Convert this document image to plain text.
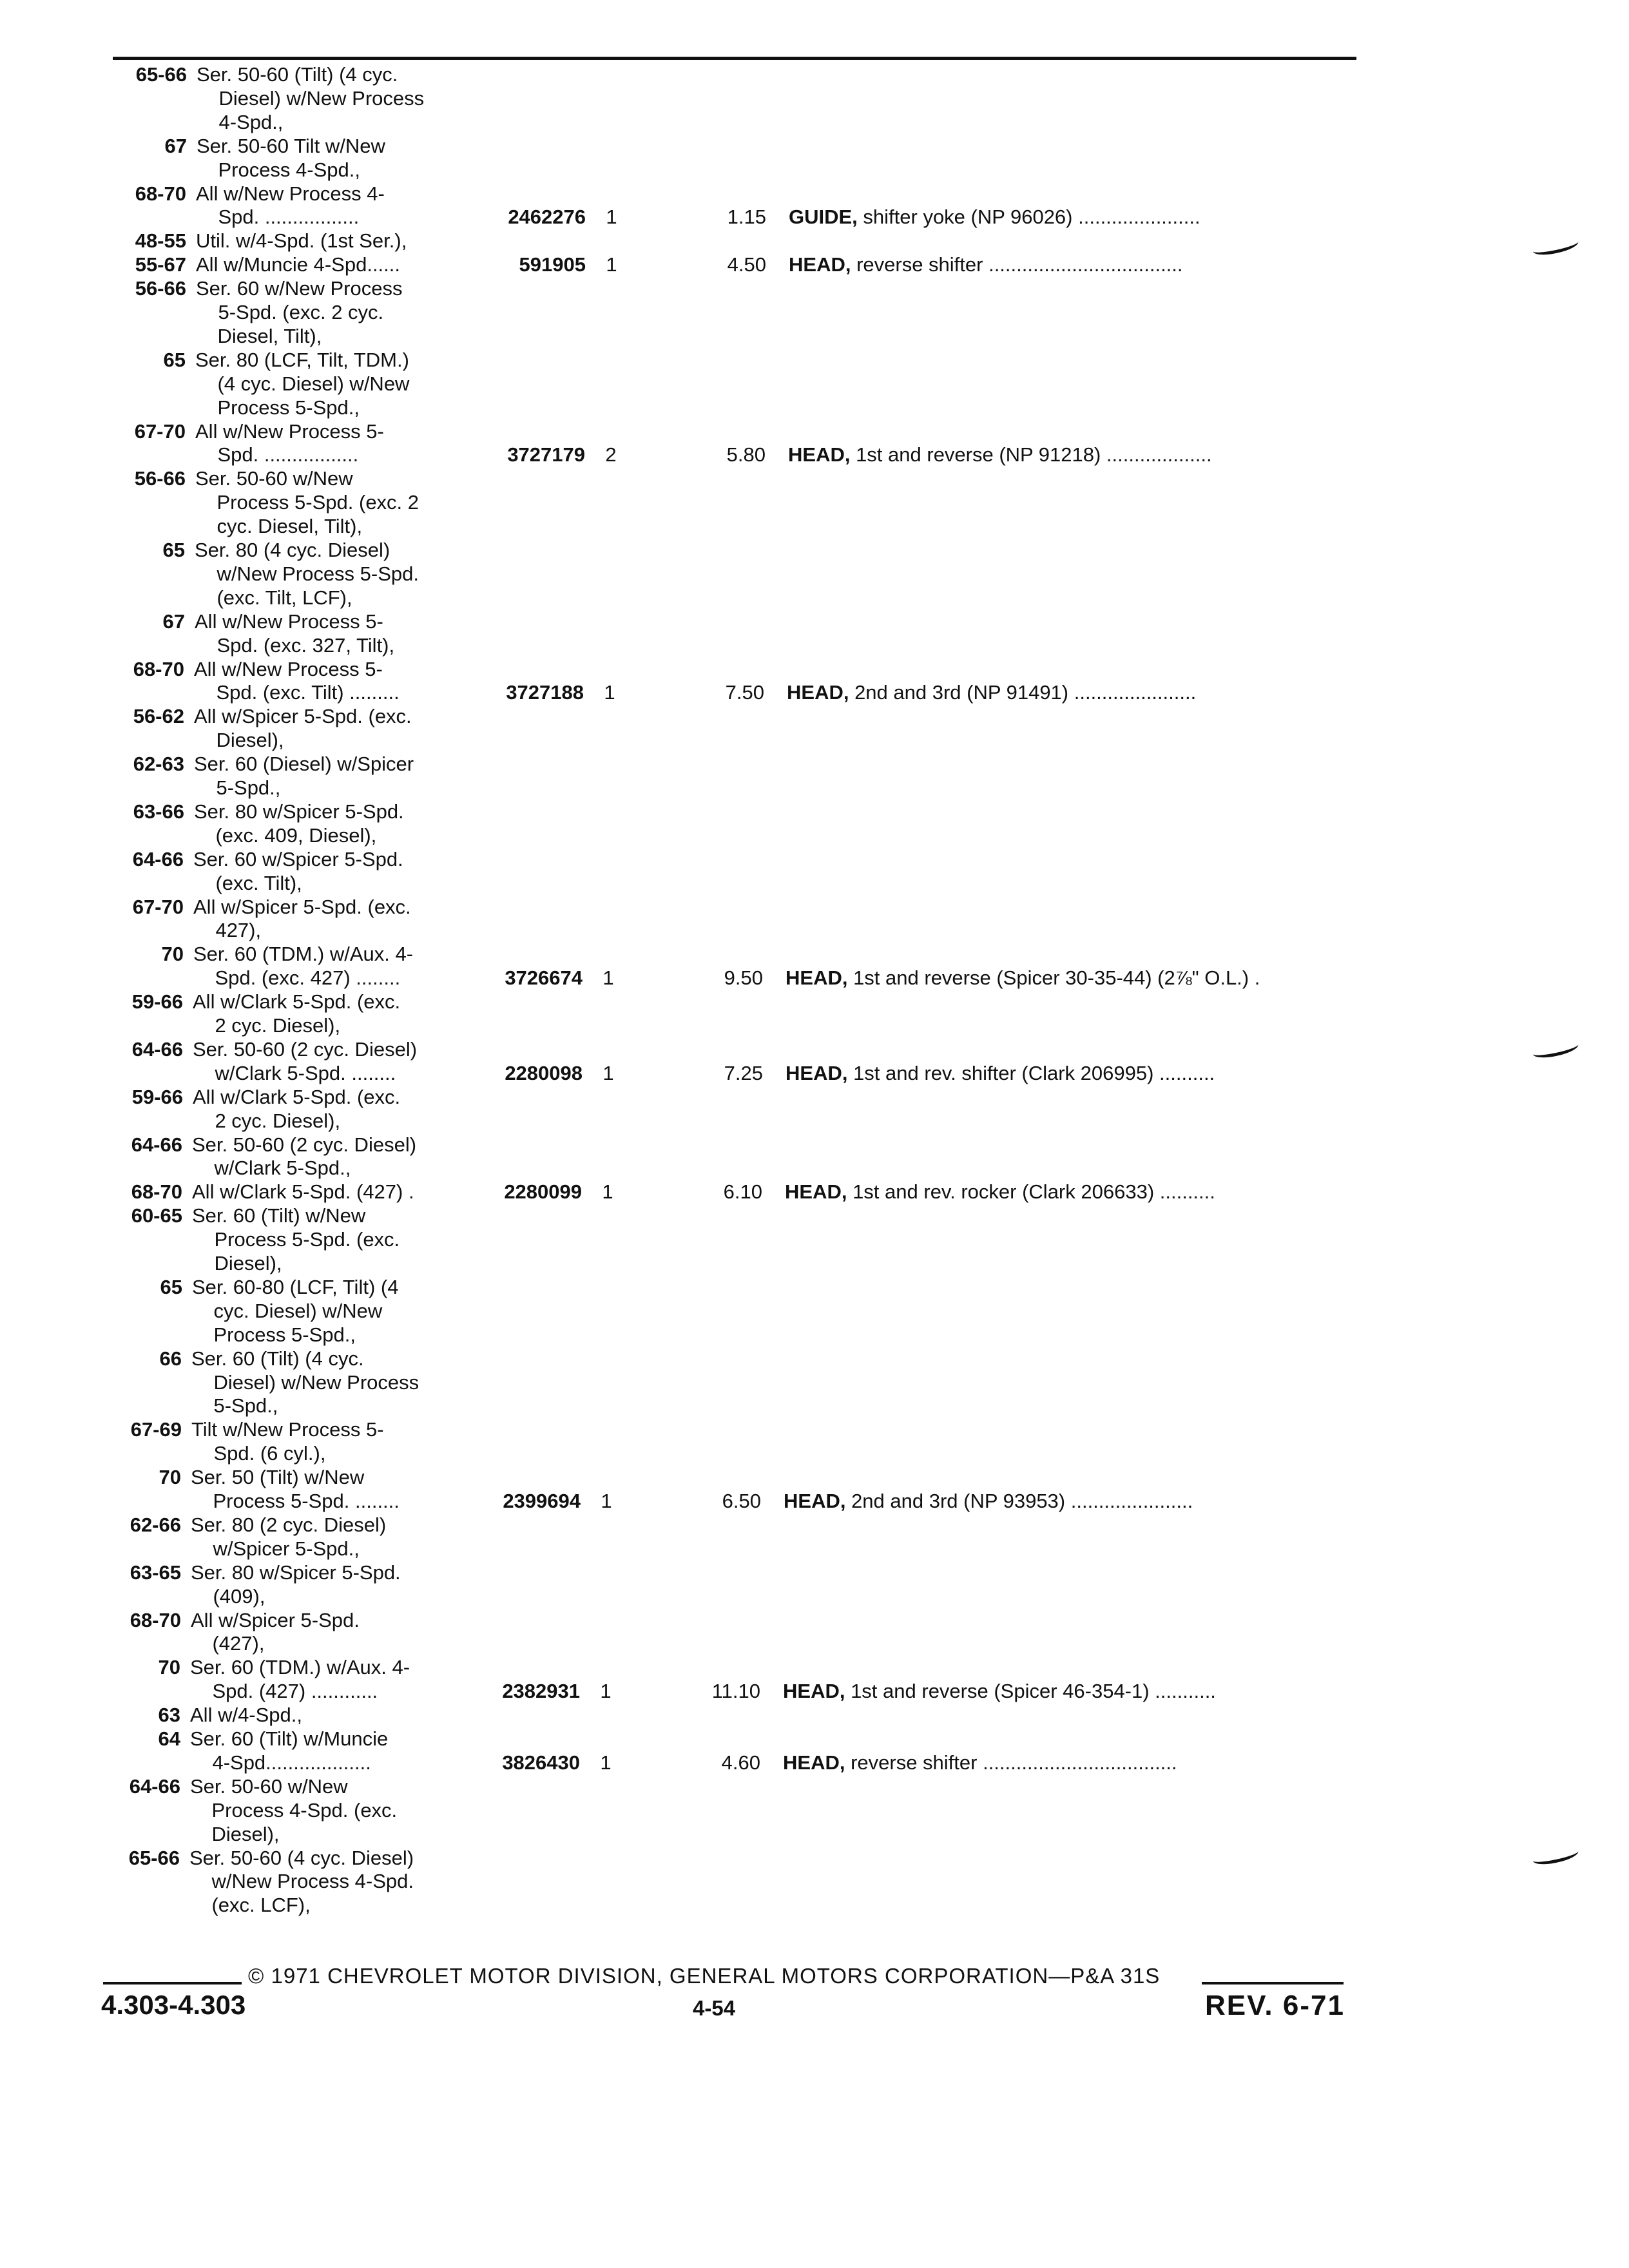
65-66 Ser. 50-60 (Tilt) (4 cyc.
Diesel) w/New Process
4-Spd.,
67 Ser. 50-60 Tilt w/New
Process 4-Spd.,
68-70 All w/New Process 4-
Spd. .................	2462276 1	1.15 GUIDE, shifter yoke (NP 96026) ......................
48-55 Util. w/4-Spd. (1st Ser.),
55-67 All w/Muncie 4-Spd......	591905 1	4.50 HEAD, reverse shifter ...................................
56-66 Ser. 60 w/New Process
5-Spd. (exc. 2 cyc.
Diesel, Tilt),
65 Ser. 80 (LCF, Tilt, TDM.)
(4 cyc. Diesel) w/New
Process 5-Spd.,
67-70 All w/New Process 5-
Spd. .................	3727179 2	5.80 HEAD, 1st and reverse (NP 91218) ...................
56-66 Ser. 50-60 w/New
Process 5-Spd. (exc. 2
cyc. Diesel, Tilt),
65 Ser. 80 (4 cyc. Diesel)
w/New Process 5-Spd.
(exc. Tilt, LCF),
67 All w/New Process 5-
Spd. (exc. 327, Tilt),
68-70 All w/New Process 5-
Spd. (exc. Tilt) .........	3727188 1	7.50 HEAD, 2nd and 3rd (NP 91491) ......................
56-62 All w/Spicer 5-Spd. (exc.
Diesel),
62-63 Ser. 60 (Diesel) w/Spicer
5-Spd.,
63-66 Ser. 80 w/Spicer 5-Spd.
(exc. 409, Diesel),
64-66 Ser. 60 w/Spicer 5-Spd.
(exc. Tilt),
67-70 All w/Spicer 5-Spd. (exc.
427),
70 Ser. 60 (TDM.) w/Aux. 4-
Spd. (exc. 427) ........	3726674 1	9.50 HEAD, 1st and reverse (Spicer 30-35-44) (2⅞" O.L.) .
59-66 All w/Clark 5-Spd. (exc.
2 cyc. Diesel),
64-66 Ser. 50-60 (2 cyc. Diesel)
w/Clark 5-Spd. ........	2280098 1	7.25 HEAD, 1st and rev. shifter (Clark 206995) ..........
59-66 All w/Clark 5-Spd. (exc.
2 cyc. Diesel),
64-66 Ser. 50-60 (2 cyc. Diesel)
w/Clark 5-Spd.,
68-70 All w/Clark 5-Spd. (427) .	2280099 1	6.10 HEAD, 1st and rev. rocker (Clark 206633) ..........
60-65 Ser. 60 (Tilt) w/New
Process 5-Spd. (exc.
Diesel),
65 Ser. 60-80 (LCF, Tilt) (4
cyc. Diesel) w/New
Process 5-Spd.,
66 Ser. 60 (Tilt) (4 cyc.
Diesel) w/New Process
5-Spd.,
67-69 Tilt w/New Process 5-
Spd. (6 cyl.),
70 Ser. 50 (Tilt) w/New
Process 5-Spd. ........	2399694 1	6.50 HEAD, 2nd and 3rd (NP 93953) ......................
62-66 Ser. 80 (2 cyc. Diesel)
w/Spicer 5-Spd.,
63-65 Ser. 80 w/Spicer 5-Spd.
(409),
68-70 All w/Spicer 5-Spd.
(427),
70 Ser. 60 (TDM.) w/Aux. 4-
Spd. (427) ............	2382931 1	11.10 HEAD, 1st and reverse (Spicer 46-354-1) ...........
63 All w/4-Spd.,
64 Ser. 60 (Tilt) w/Muncie
4-Spd...................	3826430 1	4.60 HEAD, reverse shifter ...................................
64-66 Ser. 50-60 w/New
Process 4-Spd. (exc.
Diesel),
65-66 Ser. 50-60 (4 cyc. Diesel)
w/New Process 4-Spd.
(exc. LCF),
© 1971 CHEVROLET MOTOR DIVISION, GENERAL MOTORS CORPORATION—P&A 31S
4.303-4.303	4-54	REV. 6-71
